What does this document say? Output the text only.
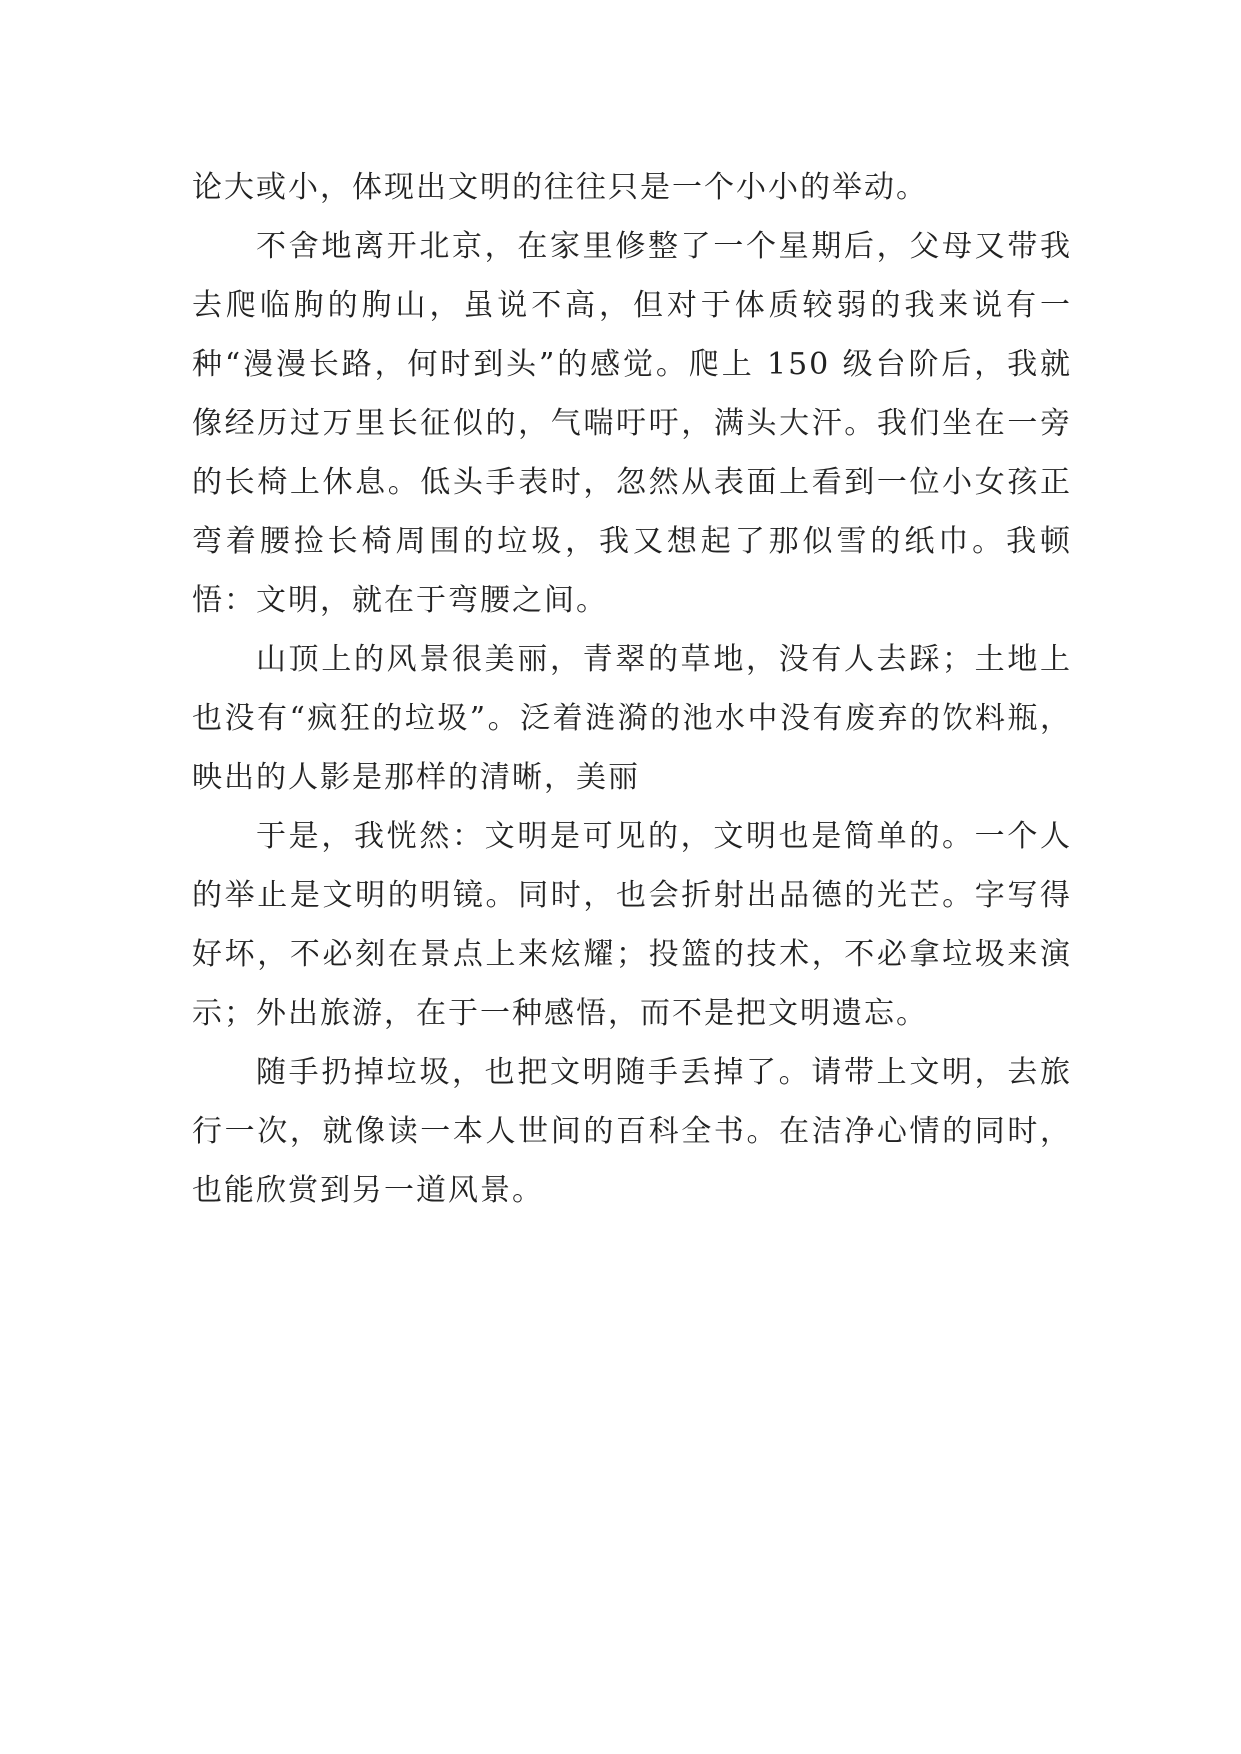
论大或小，体现出文明的往往只是一个小小的举动。

不舍地离开北京，在家里修整了一个星期后，父母又带我去爬临朐的朐山，虽说不高，但对于体质较弱的我来说有一种“漫漫长路，何时到头”的感觉。爬上 150 级台阶后，我就像经历过万里长征似的，气喘吁吁，满头大汗。我们坐在一旁的长椅上休息。低头手表时，忽然从表面上看到一位小女孩正弯着腰捡长椅周围的垃圾，我又想起了那似雪的纸巾。我顿悟：文明，就在于弯腰之间。

山顶上的风景很美丽，青翠的草地，没有人去踩；土地上也没有“疯狂的垃圾”。泛着涟漪的池水中没有废弃的饮料瓶，映出的人影是那样的清晰，美丽

于是，我恍然：文明是可见的，文明也是简单的。一个人的举止是文明的明镜。同时，也会折射出品德的光芒。字写得好坏，不必刻在景点上来炫耀；投篮的技术，不必拿垃圾来演示；外出旅游，在于一种感悟，而不是把文明遗忘。

随手扔掉垃圾，也把文明随手丢掉了。请带上文明，去旅行一次，就像读一本人世间的百科全书。在洁净心情的同时，也能欣赏到另一道风景。
